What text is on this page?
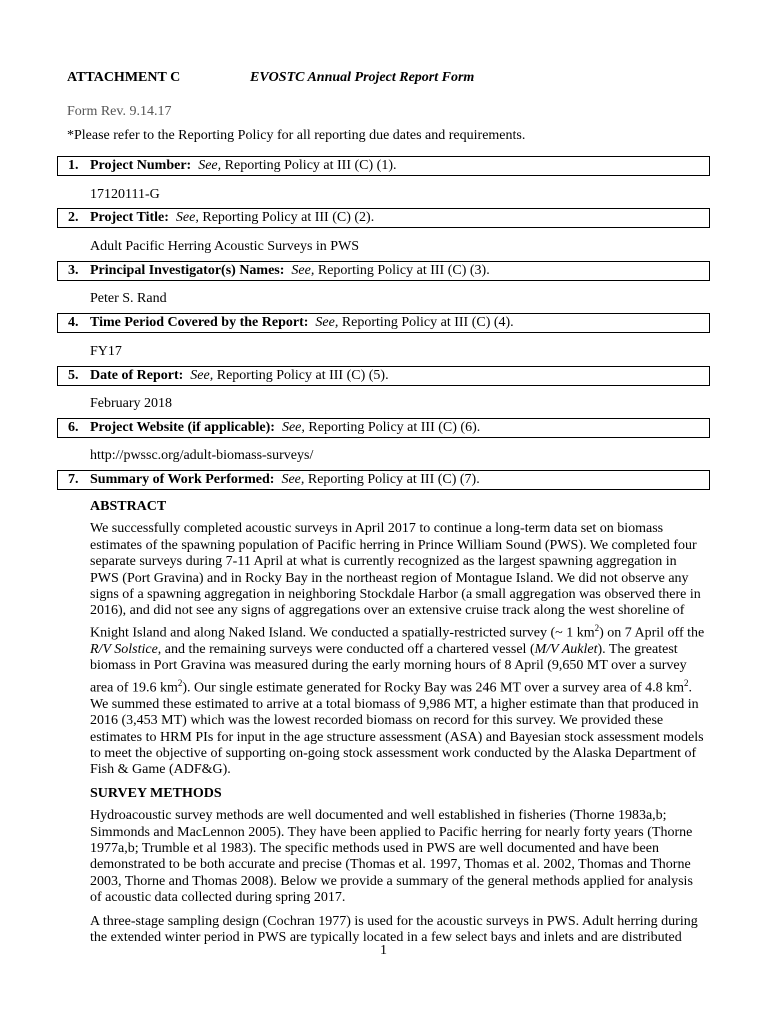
ATTACHMENT C	EVOSTC Annual Project Report Form
Form Rev. 9.14.17
*Please refer to the Reporting Policy for all reporting due dates and requirements.
1. Project Number: See, Reporting Policy at III (C) (1).
17120111-G
2. Project Title: See, Reporting Policy at III (C) (2).
Adult Pacific Herring Acoustic Surveys in PWS
3. Principal Investigator(s) Names: See, Reporting Policy at III (C) (3).
Peter S. Rand
4. Time Period Covered by the Report: See, Reporting Policy at III (C) (4).
FY17
5. Date of Report: See, Reporting Policy at III (C) (5).
February 2018
6. Project Website (if applicable): See, Reporting Policy at III (C) (6).
http://pwssc.org/adult-biomass-surveys/
7. Summary of Work Performed: See, Reporting Policy at III (C) (7).
ABSTRACT

We successfully completed acoustic surveys in April 2017 to continue a long-term data set on biomass estimates of the spawning population of Pacific herring in Prince William Sound (PWS). We completed four separate surveys during 7-11 April at what is currently recognized as the largest spawning aggregation in PWS (Port Gravina) and in Rocky Bay in the northeast region of Montague Island. We did not observe any signs of a spawning aggregation in neighboring Stockdale Harbor (a small aggregation was observed there in 2016), and did not see any signs of aggregations over an extensive cruise track along the west shoreline of Knight Island and along Naked Island. We conducted a spatially-restricted survey (~ 1 $km^2$) on 7 April off the R/V Solstice, and the remaining surveys were conducted off a chartered vessel (M/V Auklet). The greatest biomass in Port Gravina was measured during the early morning hours of 8 April (9,650 MT over a survey area of 19.6 $km^2$). Our single estimate generated for Rocky Bay was 246 MT over a survey area of 4.8 $km^2$. We summed these estimated to arrive at a total biomass of 9,986 MT, a higher estimate than that produced in 2016 (3,453 MT) which was the lowest recorded biomass on record for this survey. We provided these estimates to HRM PIs for input in the age structure assessment (ASA) and Bayesian stock assessment models to meet the objective of supporting on-going stock assessment work conducted by the Alaska Department of Fish & Game (ADF&G).

SURVEY METHODS

Hydroacoustic survey methods are well documented and well established in fisheries (Thorne 1983a,b; Simmonds and MacLennon 2005). They have been applied to Pacific herring for nearly forty years (Thorne 1977a,b; Trumble et al 1983). The specific methods used in PWS are well documented and have been demonstrated to be both accurate and precise (Thomas et al. 1997, Thomas et al. 2002, Thomas and Thorne 2003, Thorne and Thomas 2008). Below we provide a summary of the general methods applied for analysis of acoustic data collected during spring 2017.

A three-stage sampling design (Cochran 1977) is used for the acoustic surveys in PWS. Adult herring during the extended winter period in PWS are typically located in a few select bays and inlets and are distributed

1
